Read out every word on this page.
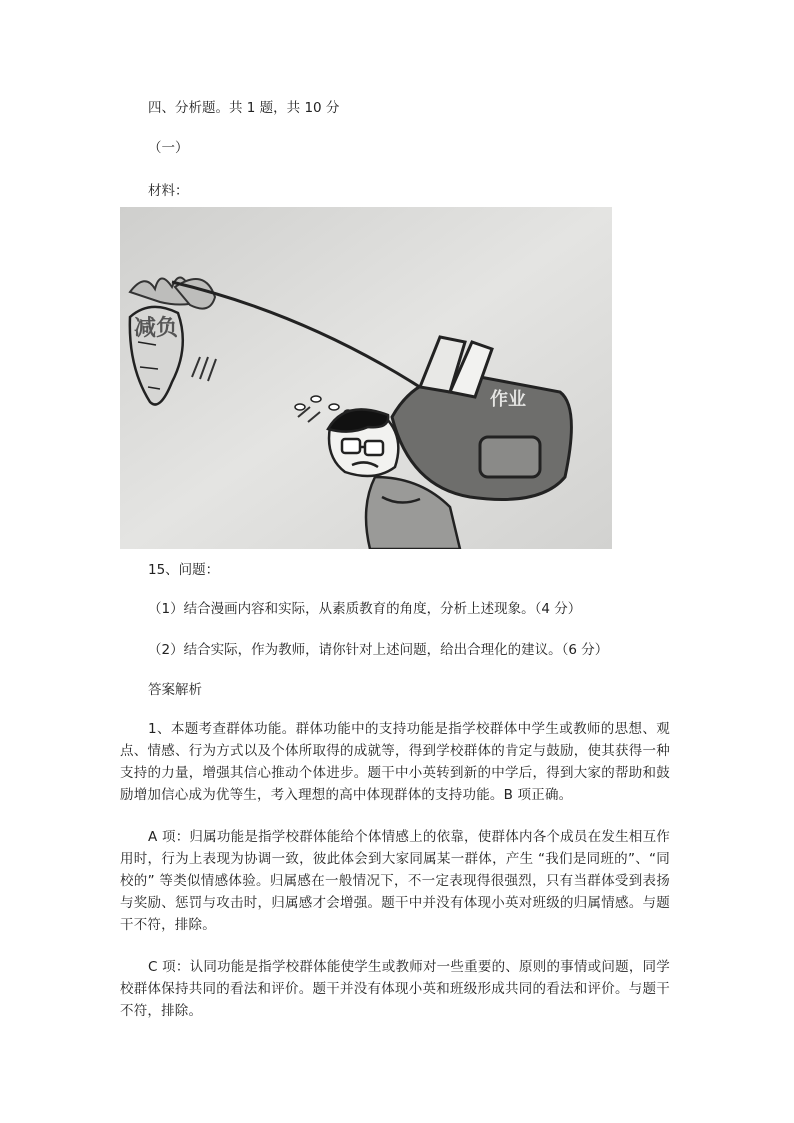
四、分析题。共 1 题，共 10 分
（一）
材料：
减负
作业
15、问题：
（1）结合漫画内容和实际，从素质教育的角度，分析上述现象。（4 分）
（2）结合实际，作为教师，请你针对上述问题，给出合理化的建议。（6 分）
答案解析
1、本题考查群体功能。群体功能中的支持功能是指学校群体中学生或教师的思想、观点、情感、行为方式以及个体所取得的成就等，得到学校群体的肯定与鼓励，使其获得一种支持的力量，增强其信心推动个体进步。题干中小英转到新的中学后，得到大家的帮助和鼓励增加信心成为优等生，考入理想的高中体现群体的支持功能。B 项正确。
A 项：归属功能是指学校群体能给个体情感上的依靠，使群体内各个成员在发生相互作用时，行为上表现为协调一致，彼此体会到大家同属某一群体，产生 “我们是同班的”、“同校的” 等类似情感体验。归属感在一般情况下，不一定表现得很强烈，只有当群体受到表扬与奖励、惩罚与攻击时，归属感才会增强。题干中并没有体现小英对班级的归属情感。与题干不符，排除。
C 项：认同功能是指学校群体能使学生或教师对一些重要的、原则的事情或问题，同学校群体保持共同的看法和评价。题干并没有体现小英和班级形成共同的看法和评价。与题干不符，排除。
